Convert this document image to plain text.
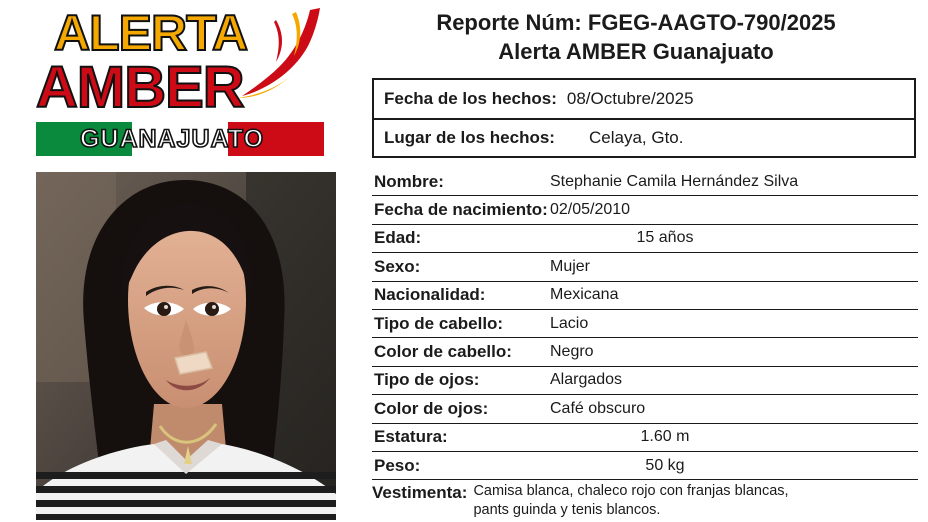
ALERTA
AMBER
GUANAJUATO
Reporte Núm: FGEG-AAGTO-790/2025
Alerta AMBER Guanajuato
Fecha de los hechos: 08/Octubre/2025
Lugar de los hechos: Celaya, Gto.
Nombre:	Stephanie Camila Hernández Silva
Fecha de nacimiento: 02/05/2010
Edad:	15 años
Sexo:	Mujer
Nacionalidad:	Mexicana
Tipo de cabello:	Lacio
Color de cabello:	Negro
Tipo de ojos:	Alargados
Color de ojos:	Café obscuro
Estatura:	1.60 m
Peso:	50 kg
Vestimenta: Camisa blanca, chaleco rojo con franjas blancas,
pants guinda y tenis blancos.
